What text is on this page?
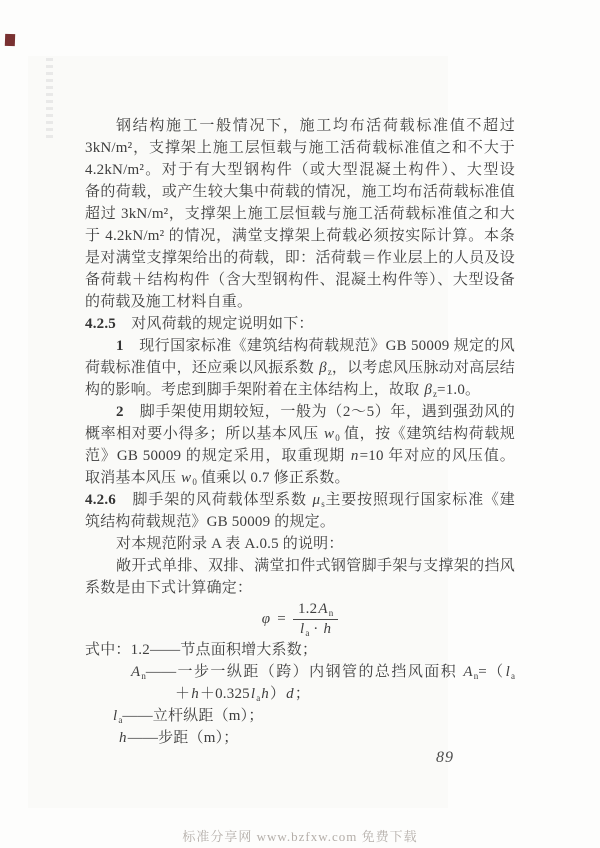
钢结构施工一般情况下，施工均布活荷载标准值不超过
3kN/m²，支撑架上施工层恒载与施工活荷载标准值之和不大于
4.2kN/m²。对于有大型钢构件（或大型混凝土构件）、大型设
备的荷载，或产生较大集中荷载的情况，施工均布活荷载标准值
超过 3kN/m²，支撑架上施工层恒载与施工活荷载标准值之和大
于 4.2kN/m² 的情况，满堂支撑架上荷载必须按实际计算。本条
是对满堂支撑架给出的荷载，即：活荷载＝作业层上的人员及设
备荷载＋结构构件（含大型钢构件、混凝土构件等）、大型设备
的荷载及施工材料自重。
4.2.5　对风荷载的规定说明如下：
1　现行国家标准《建筑结构荷载规范》GB 50009 规定的风
荷载标准值中，还应乘以风振系数 $\beta_z$，以考虑风压脉动对高层结
构的影响。考虑到脚手架附着在主体结构上，故取 $\beta_z=1.0$。
2　脚手架使用期较短，一般为（2～5）年，遇到强劲风的
概率相对要小得多；所以基本风压 $w_0$ 值，按《建筑结构荷载规
范》GB 50009 的规定采用，取重现期 n=10 年对应的风压值。
取消基本风压 $w_0$ 值乘以 0.7 修正系数。
4.2.6　脚手架的风荷载体型系数 $\mu_s$主要按照现行国家标准《建
筑结构荷载规范》GB 50009 的规定。
对本规范附录 A 表 A.0.5 的说明：
敞开式单排、双排、满堂扣件式钢管脚手架与支撑架的挡风
系数是由下式计算确定：
$\varphi = \frac{1.2A_n}{l_a \cdot h}$
式中：1.2——节点面积增大系数；
$A_n——$一步一纵距（跨）内钢管的总挡风面积 $A_n=(l_a$
$+h+0.325l_ah)d$；
$l_a——$立杆纵距（m）；
h——步距（m）；
89
标准分享网 www.bzfxw.com 免费下载
